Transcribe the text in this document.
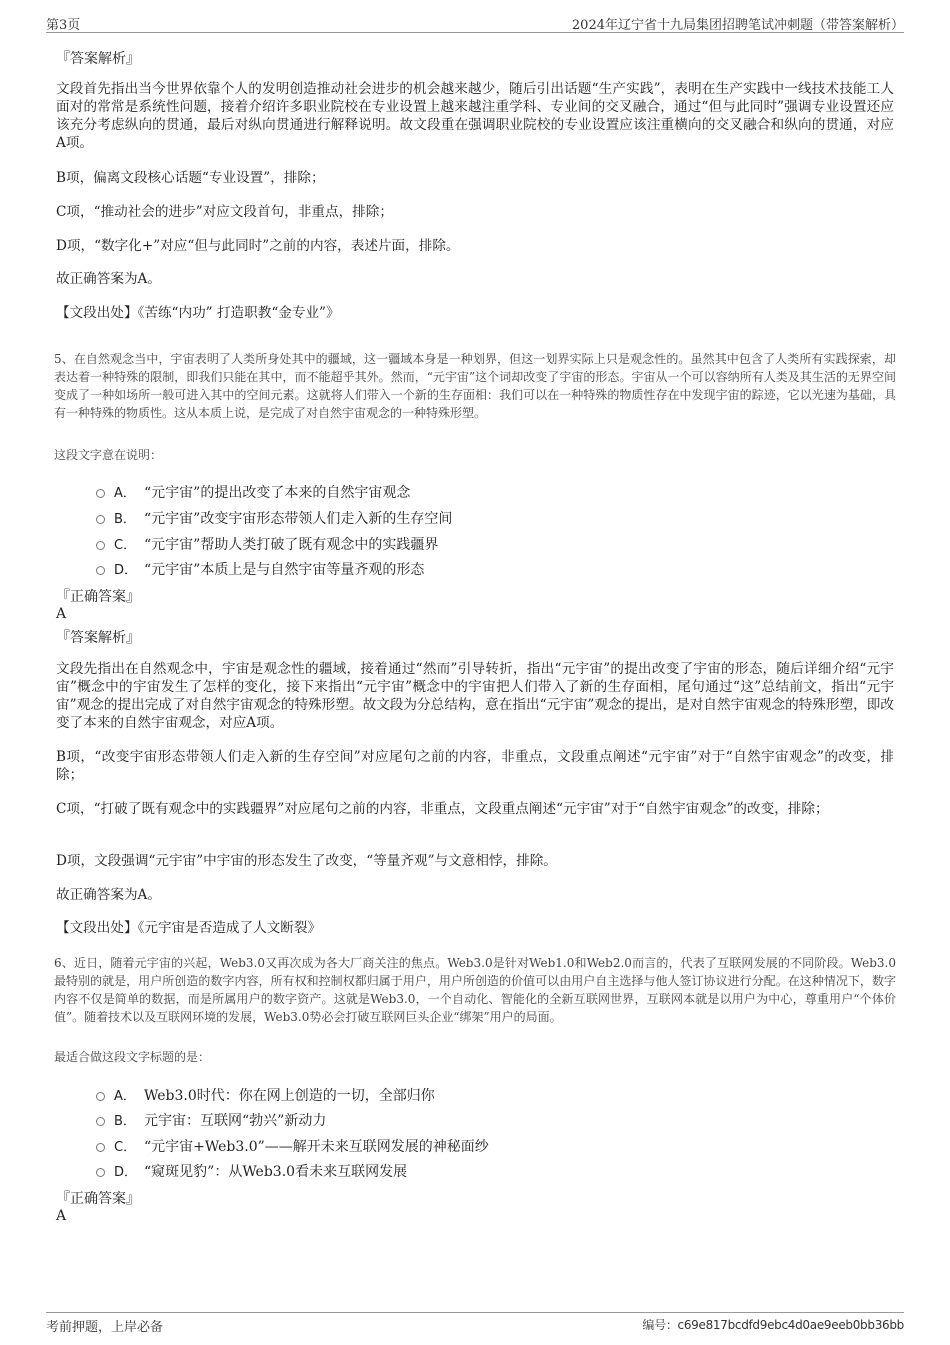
第3页	2024年辽宁省十九局集团招聘笔试冲刺题（带答案解析）
『答案解析』

文段首先指出当今世界依靠个人的发明创造推动社会进步的机会越来越少，随后引出话题“生产实践”，表明在生产实践中一线技术技能工人面对的常常是系统性问题，接着介绍许多职业院校在专业设置上越来越注重学科、专业间的交叉融合，通过“但与此同时”强调专业设置还应该充分考虑纵向的贯通，最后对纵向贯通进行解释说明。故文段重在强调职业院校的专业设置应该注重横向的交叉融合和纵向的贯通，对应A项。

B项，偏离文段核心话题“专业设置”，排除；

C项，“推动社会的进步”对应文段首句，非重点，排除；

D项，“数字化+”对应“但与此同时”之前的内容，表述片面，排除。

故正确答案为A。

【文段出处】《苦练“内功” 打造职教“金专业”》

5、在自然观念当中，宇宙表明了人类所身处其中的疆域，这一疆域本身是一种划界，但这一划界实际上只是观念性的。虽然其中包含了人类所有实践探索，却表达着一种特殊的限制，即我们只能在其中，而不能超乎其外。然而，“元宇宙”这个词却改变了宇宙的形态。宇宙从一个可以容纳所有人类及其生活的无界空间变成了一种如场所一般可进入其中的空间元素。这就将人们带入一个新的生存面相：我们可以在一种特殊的物质性存在中发现宇宙的踪迹，它以光速为基础，具有一种特殊的物质性。这从本质上说，是完成了对自然宇宙观念的一种特殊形塑。

这段文字意在说明：

A． “元宇宙”的提出改变了本来的自然宇宙观念
B． “元宇宙”改变宇宙形态带领人们走入新的生存空间
C． “元宇宙”帮助人类打破了既有观念中的实践疆界
D． “元宇宙”本质上是与自然宇宙等量齐观的形态
『正确答案』
A
『答案解析』

文段先指出在自然观念中，宇宙是观念性的疆域，接着通过“然而”引导转折，指出“元宇宙”的提出改变了宇宙的形态，随后详细介绍“元宇宙”概念中的宇宙发生了怎样的变化，接下来指出“元宇宙”概念中的宇宙把人们带入了新的生存面相，尾句通过“这”总结前文，指出“元宇宙”观念的提出完成了对自然宇宙观念的特殊形塑。故文段为分总结构，意在指出“元宇宙”观念的提出，是对自然宇宙观念的特殊形塑，即改变了本来的自然宇宙观念，对应A项。

B项，“改变宇宙形态带领人们走入新的生存空间”对应尾句之前的内容，非重点，文段重点阐述“元宇宙”对于“自然宇宙观念”的改变，排除；

C项，“打破了既有观念中的实践疆界”对应尾句之前的内容，非重点，文段重点阐述“元宇宙”对于“自然宇宙观念”的改变，排除；

D项，文段强调“元宇宙”中宇宙的形态发生了改变，“等量齐观”与文意相悖，排除。

故正确答案为A。

【文段出处】《元宇宙是否造成了人文断裂》

6、近日，随着元宇宙的兴起，Web3.0又再次成为各大厂商关注的焦点。Web3.0是针对Web1.0和Web2.0而言的，代表了互联网发展的不同阶段。Web3.0最特别的就是，用户所创造的数字内容，所有权和控制权都归属于用户，用户所创造的价值可以由用户自主选择与他人签订协议进行分配。在这种情况下，数字内容不仅是简单的数据，而是所属用户的数字资产。这就是Web3.0，一个自动化、智能化的全新互联网世界，互联网本就是以用户为中心，尊重用户“个体价值”。随着技术以及互联网环境的发展，Web3.0势必会打破互联网巨头企业“绑架”用户的局面。

最适合做这段文字标题的是：

A． Web3.0时代：你在网上创造的一切，全部归你
B． 元宇宙：互联网“勃兴”新动力
C． “元宇宙+Web3.0”——解开未来互联网发展的神秘面纱
D． “窥斑见豹”：从Web3.0看未来互联网发展
『正确答案』
A
考前押题，上岸必备	编号：c69e817bcdfd9ebc4d0ae9eeb0bb36bb
